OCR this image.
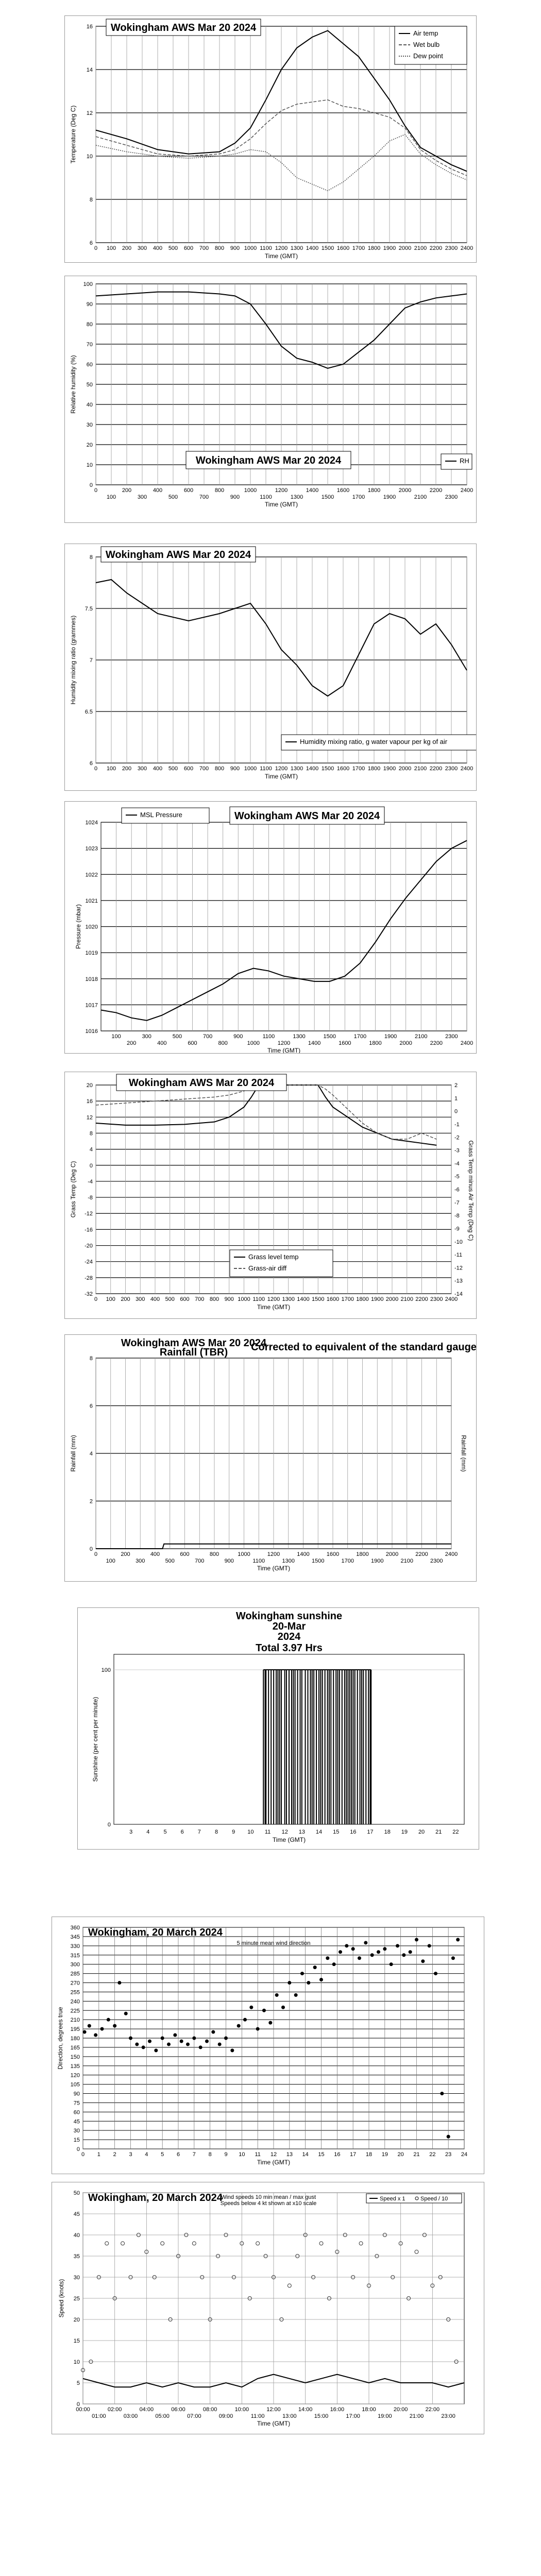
6
8
10
12
14
16
0 100 200 300 400 500 600 700 800 900 1000 1100 1200 1300 1400 1500 1600 1700 1800 1900 2000 2100 2200 2300 2400
Time (GMT)
Temperature (Deg C)
Wokingham AWS Mar 20 2024	Air temp
Wet bulb
Dew point
0
10
20
30
40
50
60
70
80
90
100
0	200	400	600	800	1000	1200	1400	1600	1800	2000	2200	2400
100	300	500	700	900	1100	1300	1500	1700	1900	2100	2300
Time (GMT)
Relative humidity (%)
Wokingham AWS Mar 20 2024	RH
6
6.5
7
7.5
8
0 100 200 300 400 500 600 700 800 900 1000 1100 1200 1300 1400 1500 1600 1700 1800 1900 2000 2100 2200 2300 2400
Time (GMT)
Humidity mixing ratio (grammes)
Wokingham AWS Mar 20 2024
Humidity mixing ratio, g water vapour per kg of air
1016
1017
1018
1019
1020
1021
1022
1023
1024
100	300	500	700	900	1100	1300	1500	1700	1900	2100	2300
200	400	600	800	1000	1200	1400	1600	1800	2000	2200	2400
Time (GMT)
Pressure (mbar)
Wokingham AWS Mar 20 2024
MSL Pressure
-32
-28
-24
-20
-16
-12
-8
-4
0
4
8
12
16
20
0 100 200 300 400 500 600 700 800 900 1000 1100 1200 1300 1400 1500 1600 1700 1800 1900 2000 2100 2200 2300 2400
Time (GMT)
Grass Temp (Deg C)
Wokingham AWS Mar 20 2024
Grass level temp
Grass-air diff
-14
-13
-12
-11
-10
-9
-8
-7
-6
-5
-4
-3
-2
-1
0
1
2
Grass Temp minus Air Temp (Deg C)
0
2
4
6
8
0	200	400	600	800	1000	1200	1400	1600	1800	2000	2200	2400
100	300	500	700	900	1100	1300	1500	1700	1900	2100	2300
Time (GMT)
Rainfall (mm)
Wokingham AWS Mar 20 2024
Rainfall (TBR) Corrected to equivalent of the standard gauge
Rainfall (mm)
Wokingham sunshine
20-Mar
2024
Total 3.97 Hrs
100
0
3 4 5 6 7 8 9 10 11 12 13 14 15 16 17 18 19 20 21 22
Time (GMT)
Sunshine (per cent per minute)
0
15
30
45
60
75
90
105
120
135
150
165
180
195
210
225
240
255
270
285
300
315
330
345
360
0 1 2 3 4 5 6 7 8 9 10 11 12 13 14 15 16 17 18 19 20 21 22 23 24
Time (GMT)
Direction, degrees true
Wokingham, 20 March 2024
5 minute mean wind direction
0
5
10
15
20
25
30
35
40
45
50
00:00	02:00	04:00	06:00	08:00	10:00	12:00	14:00	16:00	18:00	20:00	22:00
01:00	03:00	05:00	07:00	09:00	11:00	13:00	15:00	17:00	19:00	21:00	23:00
Time (GMT)
Speed (knots)
Wokingham, 20 March 2024
Wind speeds 10 min mean / max gust
Speeds below 4 kt shown at x10 scale
Speed x 1	Speed / 10
